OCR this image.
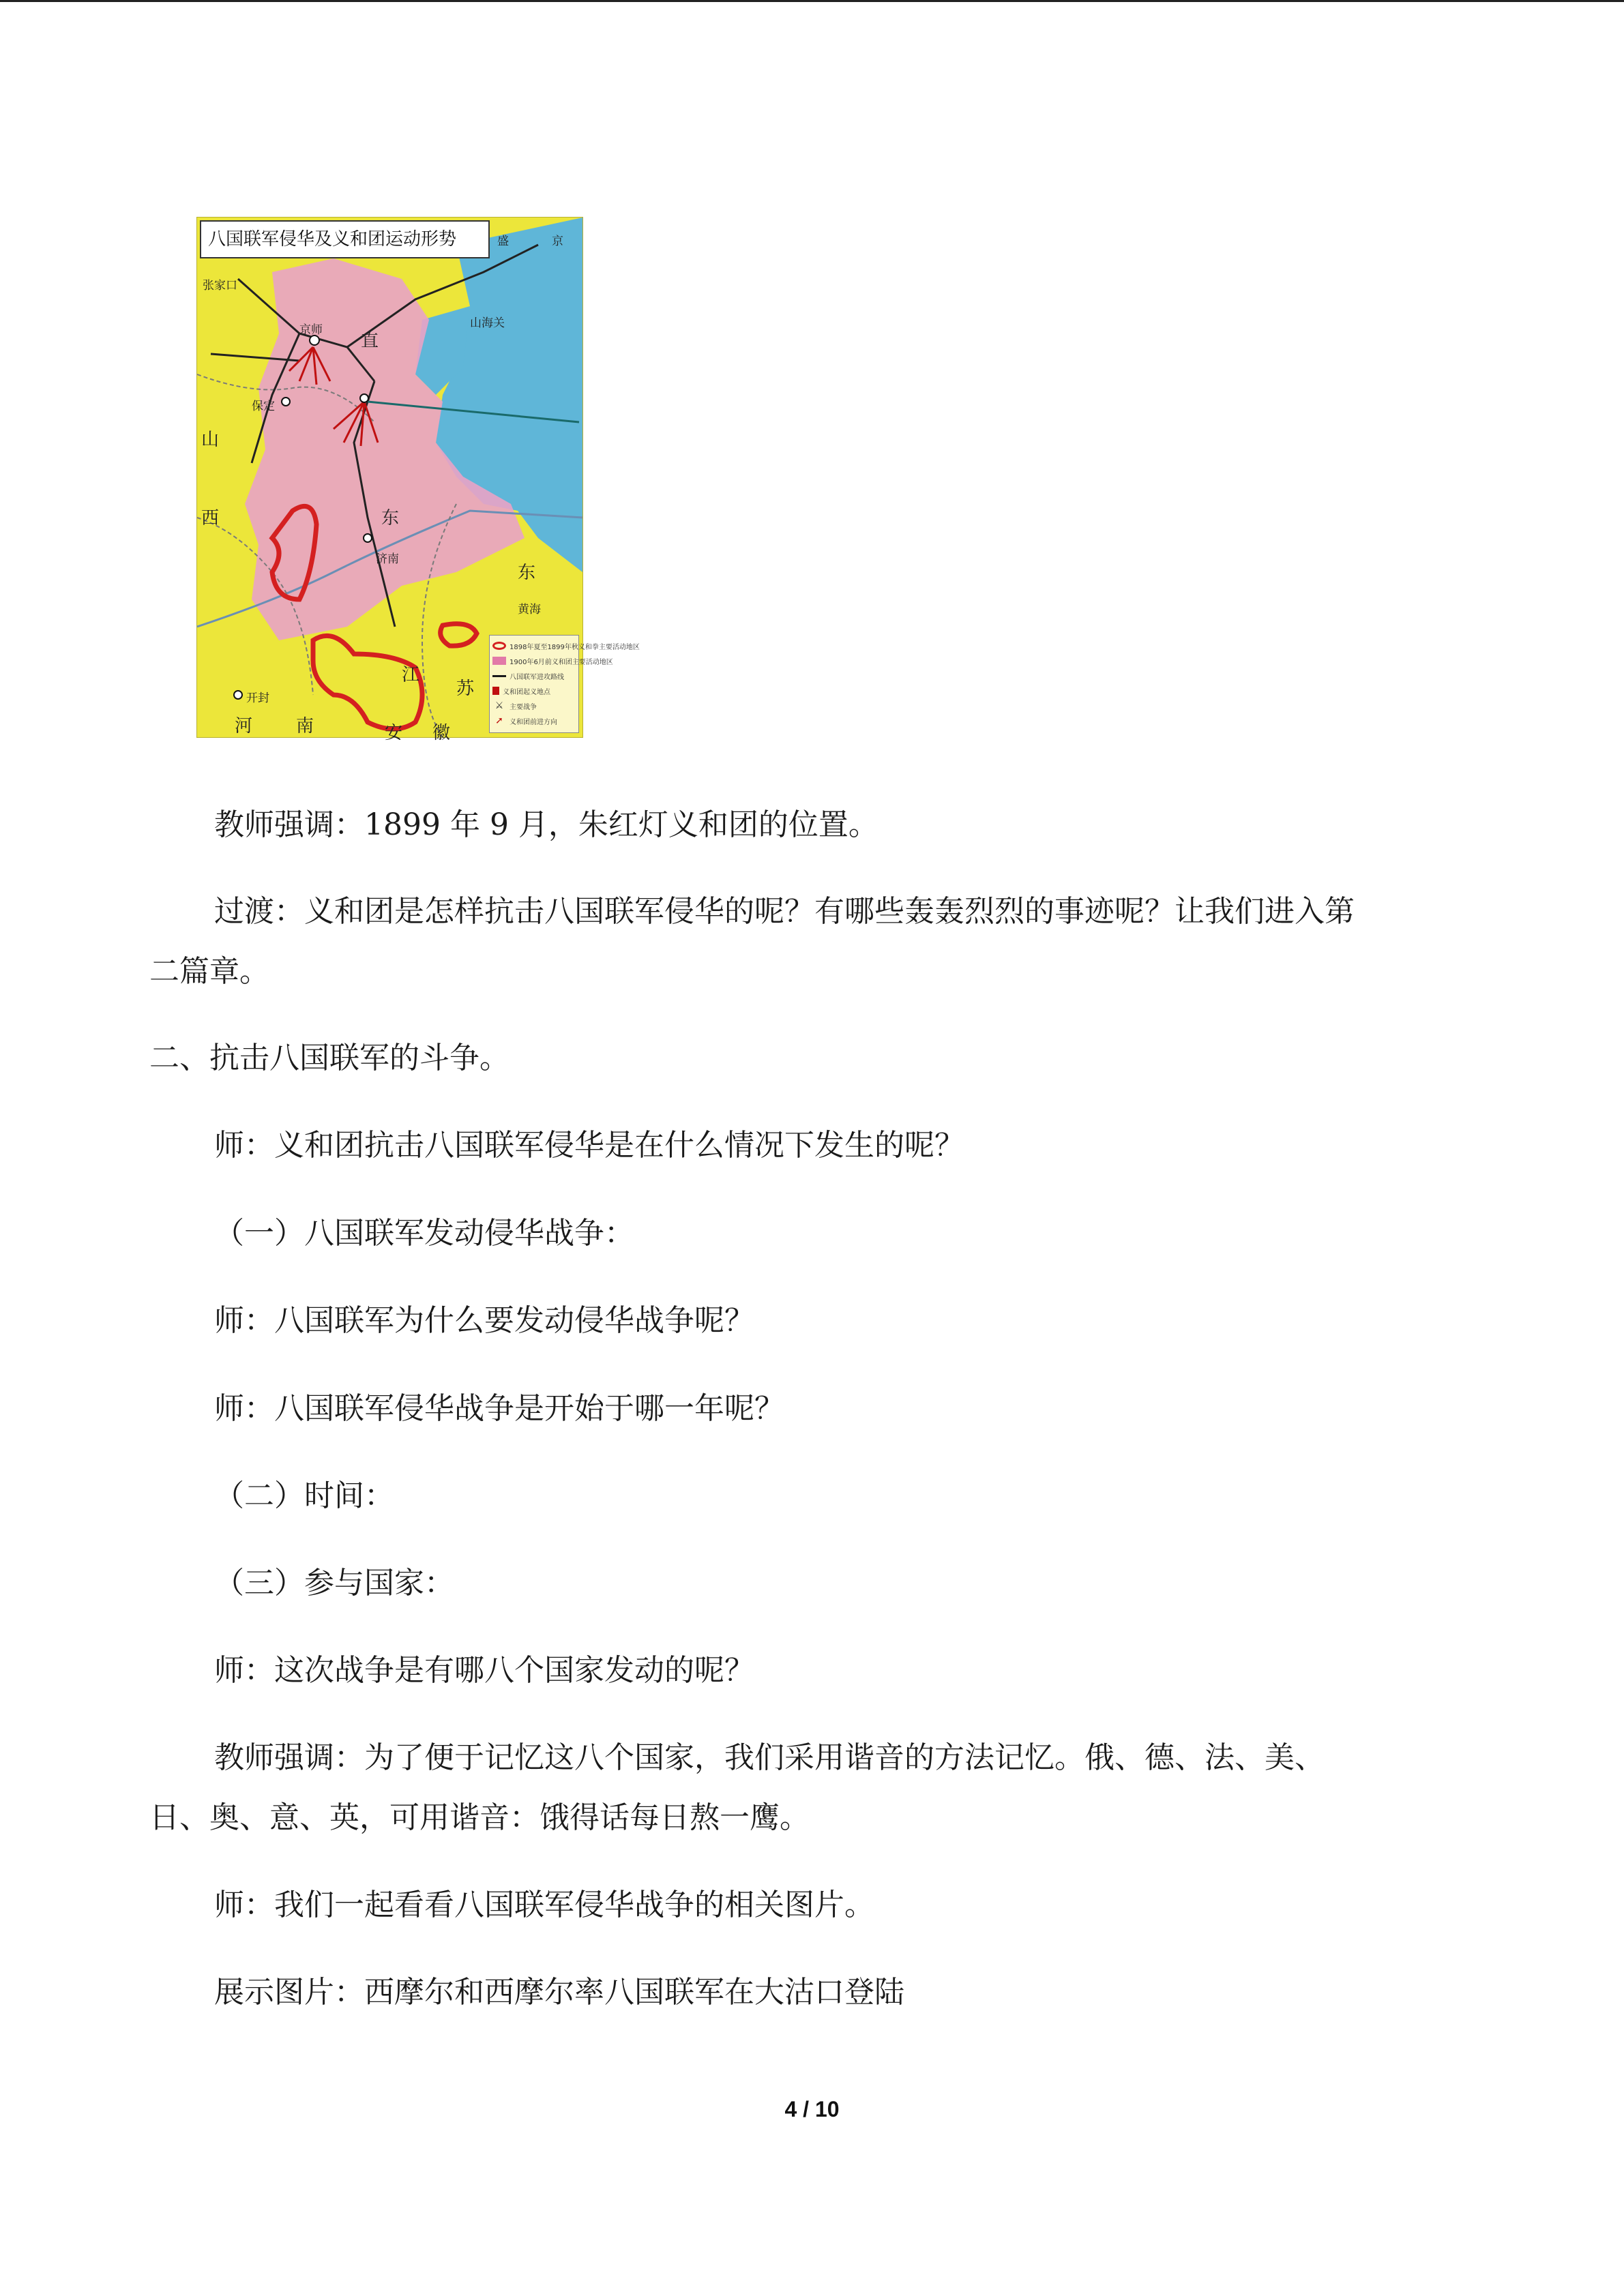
八国联军侵华及义和团运动形势
直
山
西	东
东
黄海
江
苏
南	安 徽
河
开封
保定
京师
张家口
山海关
济南
盛	京
1898年夏至1899年秋义和拳主要活动地区
1900年6月前义和团主要活动地区
八国联军进攻路线
义和团起义地点
⚔ 主要战争
➚ 义和团前进方向

教师强调：1899 年 9 月，朱红灯义和团的位置。

过渡：义和团是怎样抗击八国联军侵华的呢？有哪些轰轰烈烈的事迹呢？让我们进入第

二篇章。

二、抗击八国联军的斗争。

师：义和团抗击八国联军侵华是在什么情况下发生的呢？

（一）八国联军发动侵华战争：

师：八国联军为什么要发动侵华战争呢？

师：八国联军侵华战争是开始于哪一年呢？

（二）时间：

（三）参与国家：

师：这次战争是有哪八个国家发动的呢？

教师强调：为了便于记忆这八个国家，我们采用谐音的方法记忆。俄、德、法、美、

日、奥、意、英，可用谐音：饿得话每日熬一鹰。

师：我们一起看看八国联军侵华战争的相关图片。

展示图片：西摩尔和西摩尔率八国联军在大沽口登陆

4 / 10
